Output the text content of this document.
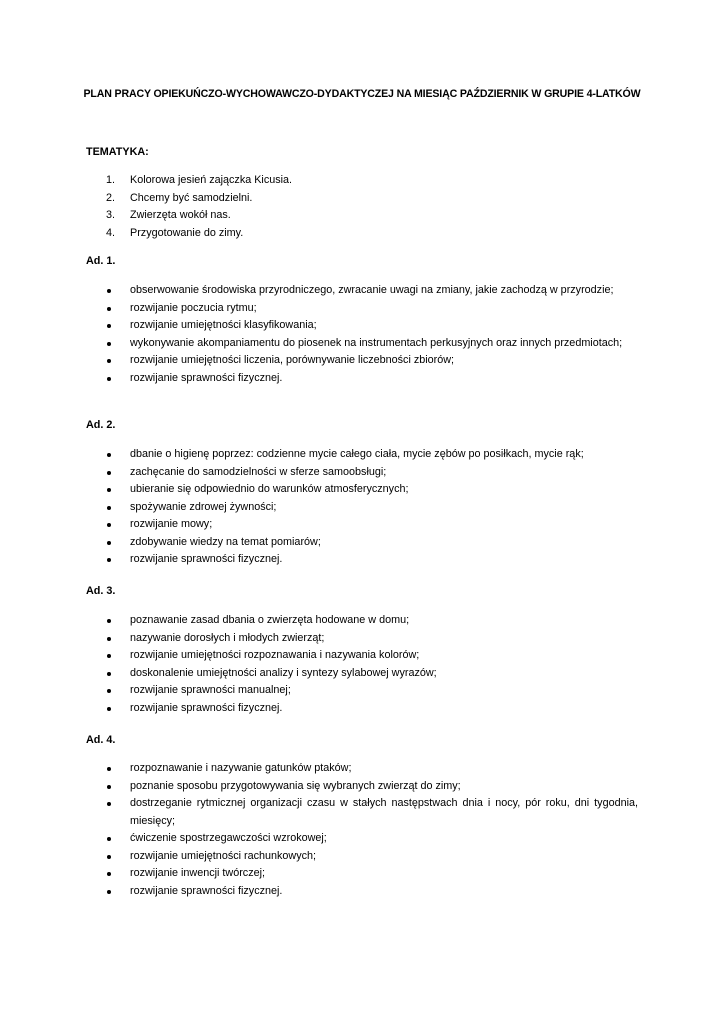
PLAN PRACY OPIEKUŃCZO-WYCHOWAWCZO-DYDAKTYCZEJ NA MIESIĄC PAŹDZIERNIK W GRUPIE 4-LATKÓW
TEMATYKA:
1. Kolorowa jesień zajączka Kicusia.
2. Chcemy być samodzielni.
3. Zwierzęta wokół nas.
4. Przygotowanie do zimy.
Ad. 1.
obserwowanie środowiska przyrodniczego, zwracanie uwagi na zmiany, jakie zachodzą w przyrodzie;
rozwijanie poczucia rytmu;
rozwijanie umiejętności klasyfikowania;
wykonywanie akompaniamentu do piosenek na instrumentach perkusyjnych oraz innych przedmiotach;
rozwijanie umiejętności liczenia, porównywanie liczebności zbiorów;
rozwijanie sprawności fizycznej.
Ad. 2.
dbanie o higienę poprzez: codzienne mycie całego ciała, mycie zębów po posiłkach, mycie rąk;
zachęcanie do samodzielności w sferze samoobsługi;
ubieranie się odpowiednio do warunków atmosferycznych;
spożywanie zdrowej żywności;
rozwijanie mowy;
zdobywanie wiedzy na temat pomiarów;
rozwijanie sprawności fizycznej.
Ad. 3.
poznawanie zasad dbania o zwierzęta hodowane w domu;
nazywanie dorosłych i młodych zwierząt;
rozwijanie umiejętności rozpoznawania i nazywania kolorów;
doskonalenie umiejętności analizy i syntezy sylabowej wyrazów;
rozwijanie sprawności manualnej;
rozwijanie sprawności fizycznej.
Ad. 4.
rozpoznawanie i nazywanie gatunków ptaków;
poznanie sposobu przygotowywania się wybranych zwierząt do zimy;
dostrzeganie rytmicznej organizacji czasu w stałych następstwach dnia i nocy, pór roku, dni tygodnia, miesięcy;
ćwiczenie spostrzegawczości wzrokowej;
rozwijanie umiejętności rachunkowych;
rozwijanie inwencji twórczej;
rozwijanie sprawności fizycznej.
